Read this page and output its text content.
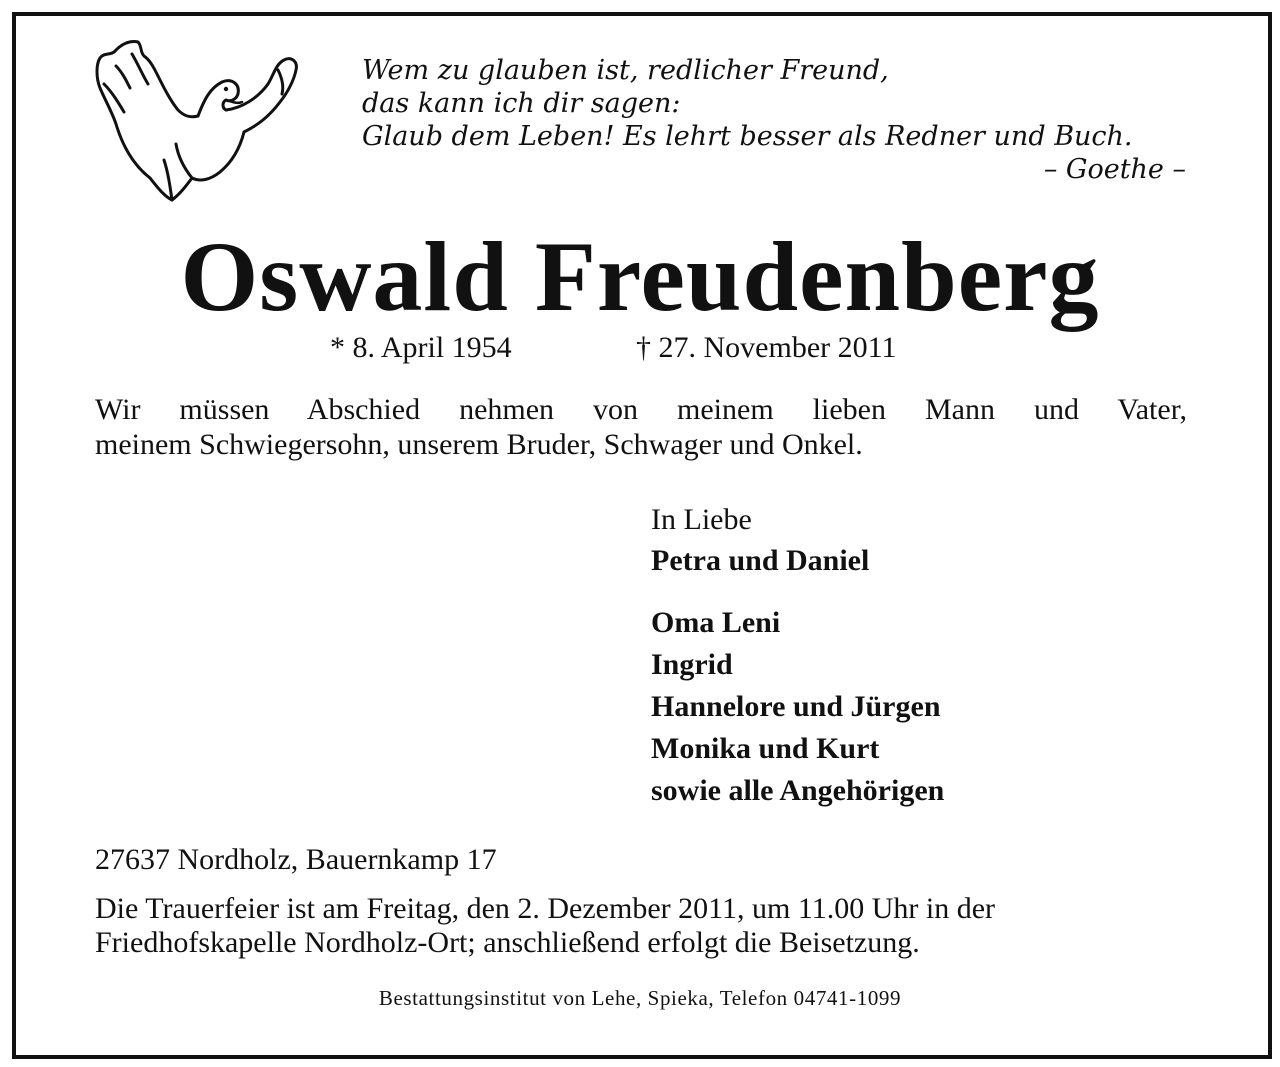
Wem zu glauben ist, redlicher Freund,
das kann ich dir sagen:
Glaub dem Leben! Es lehrt besser als Redner und Buch.
– Goethe –
Oswald Freudenberg
* 8. April 1954	† 27. November 2011
Wir müssen Abschied nehmen von meinem lieben Mann und Vater,
meinem Schwiegersohn, unserem Bruder, Schwager und Onkel.
In Liebe
Petra und Daniel
Oma Leni
Ingrid
Hannelore und Jürgen
Monika und Kurt
sowie alle Angehörigen
27637 Nordholz, Bauernkamp 17
Die Trauerfeier ist am Freitag, den 2. Dezember 2011, um 11.00 Uhr in der
Friedhofskapelle Nordholz-Ort; anschließend erfolgt die Beisetzung.
Bestattungsinstitut von Lehe, Spieka, Telefon 04741-1099
